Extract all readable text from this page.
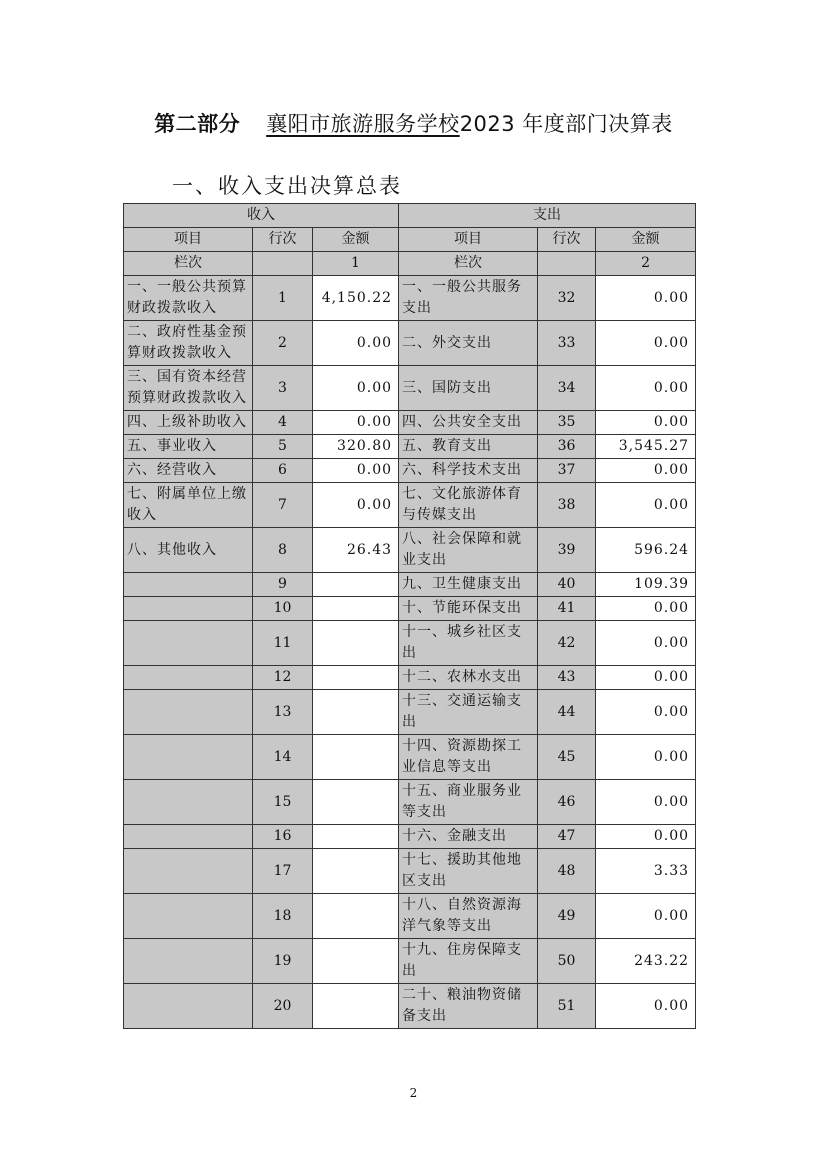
第二部分 襄阳市旅游服务学校2023 年度部门决算表
一、收入支出决算总表
收入			支出		
项目	行次	金额	项目	行次	金额
栏次		1	栏次		2
一、一般公共预算财政拨款收入	1	4,150.22	一、一般公共服务支出	32	0.00
二、政府性基金预算财政拨款收入	2	0.00	二、外交支出	33	0.00
三、国有资本经营预算财政拨款收入	3	0.00	三、国防支出	34	0.00
四、上级补助收入	4	0.00	四、公共安全支出	35	0.00
五、事业收入	5	320.80	五、教育支出	36	3,545.27
六、经营收入	6	0.00	六、科学技术支出	37	0.00
七、附属单位上缴收入	7	0.00	七、文化旅游体育与传媒支出	38	0.00
八、其他收入	8	26.43	八、社会保障和就业支出	39	596.24
	9		九、卫生健康支出	40	109.39
	10		十、节能环保支出	41	0.00
	11		十一、城乡社区支出	42	0.00
	12		十二、农林水支出	43	0.00
	13		十三、交通运输支出	44	0.00
	14		十四、资源勘探工业信息等支出	45	0.00
	15		十五、商业服务业等支出	46	0.00
	16		十六、金融支出	47	0.00
	17		十七、援助其他地区支出	48	3.33
	18		十八、自然资源海洋气象等支出	49	0.00
	19		十九、住房保障支出	50	243.22
	20		二十、粮油物资储备支出	51	0.00
2
